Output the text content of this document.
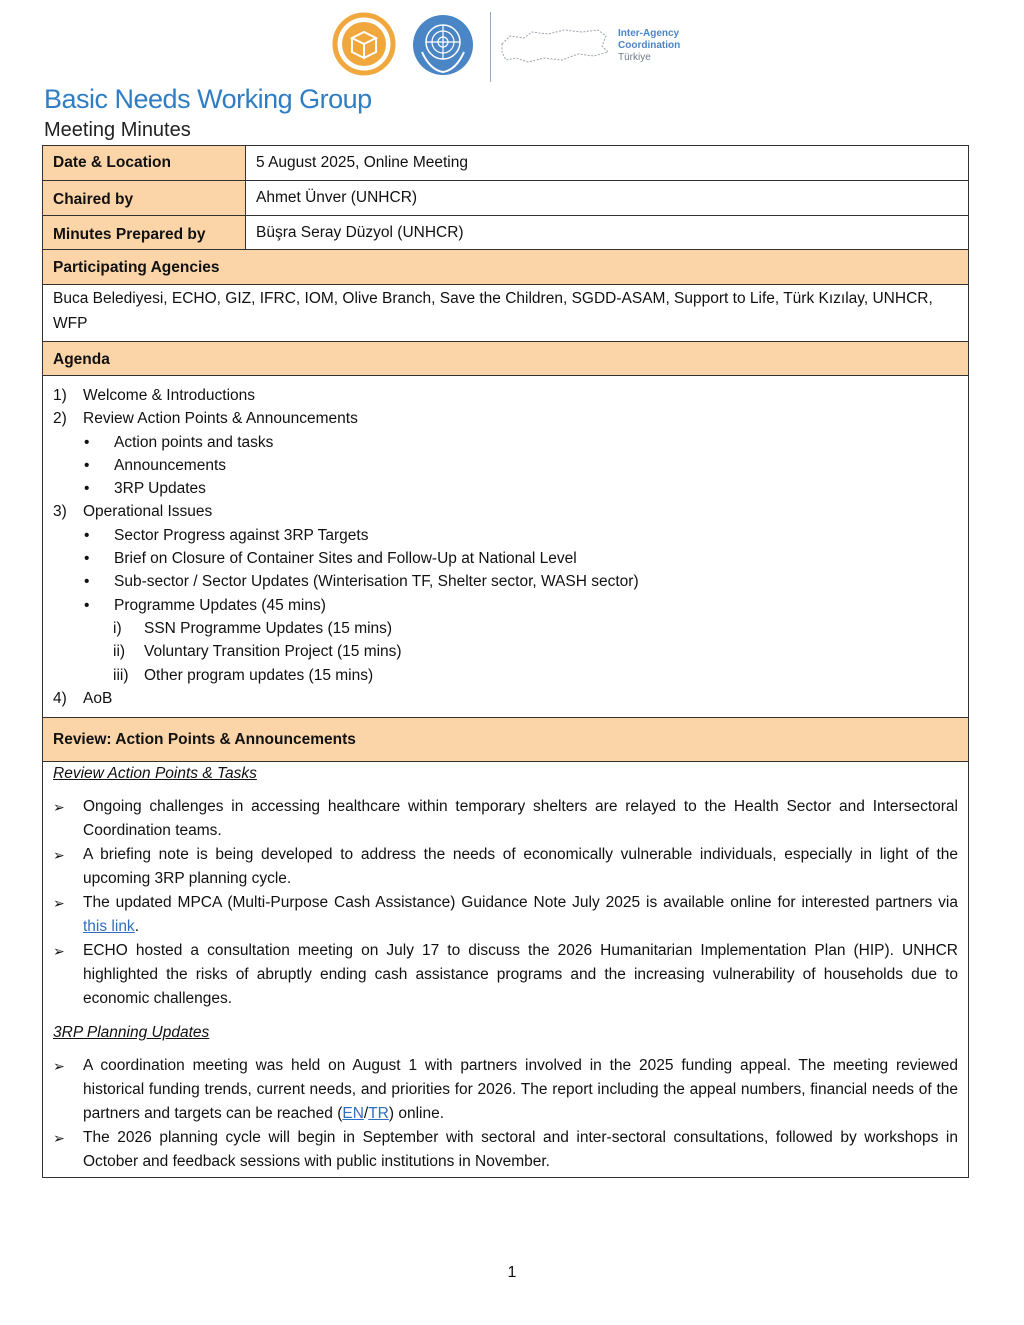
Inter-Agency
Coordination
Türkiye
Basic Needs Working Group
Meeting Minutes
Date & Location	5 August 2025, Online Meeting
Chaired by	Ahmet Ünver (UNHCR)
Minutes Prepared by	Büşra Seray Düzyol (UNHCR)
Participating Agencies
Buca Belediyesi, ECHO, GIZ, IFRC, IOM, Olive Branch, Save the Children, SGDD-ASAM, Support to Life, Türk Kızılay, UNHCR, WFP
Agenda
1)	Welcome & Introductions
2)	Review Action Points & Announcements
•	Action points and tasks
•	Announcements
•	3RP Updates
3)	Operational Issues
•	Sector Progress against 3RP Targets
•	Brief on Closure of Container Sites and Follow-Up at National Level
•	Sub-sector / Sector Updates (Winterisation TF, Shelter sector, WASH sector)
•	Programme Updates (45 mins)
i)	SSN Programme Updates (15 mins)
ii)	Voluntary Transition Project (15 mins)
iii)	Other program updates (15 mins)
4)	AoB
Review: Action Points & Announcements
Review Action Points & Tasks
➢	Ongoing challenges in accessing healthcare within temporary shelters are relayed to the Health Sector and Intersectoral Coordination teams.
➢	A briefing note is being developed to address the needs of economically vulnerable individuals, especially in light of the upcoming 3RP planning cycle.
➢	The updated MPCA (Multi-Purpose Cash Assistance) Guidance Note July 2025 is available online for interested partners via this link.
➢	ECHO hosted a consultation meeting on July 17 to discuss the 2026 Humanitarian Implementation Plan (HIP). UNHCR highlighted the risks of abruptly ending cash assistance programs and the increasing vulnerability of households due to economic challenges.
3RP Planning Updates
➢	A coordination meeting was held on August 1 with partners involved in the 2025 funding appeal. The meeting reviewed historical funding trends, current needs, and priorities for 2026. The report including the appeal numbers, financial needs of the partners and targets can be reached (EN/TR) online.
➢	The 2026 planning cycle will begin in September with sectoral and inter-sectoral consultations, followed by workshops in October and feedback sessions with public institutions in November.
1
